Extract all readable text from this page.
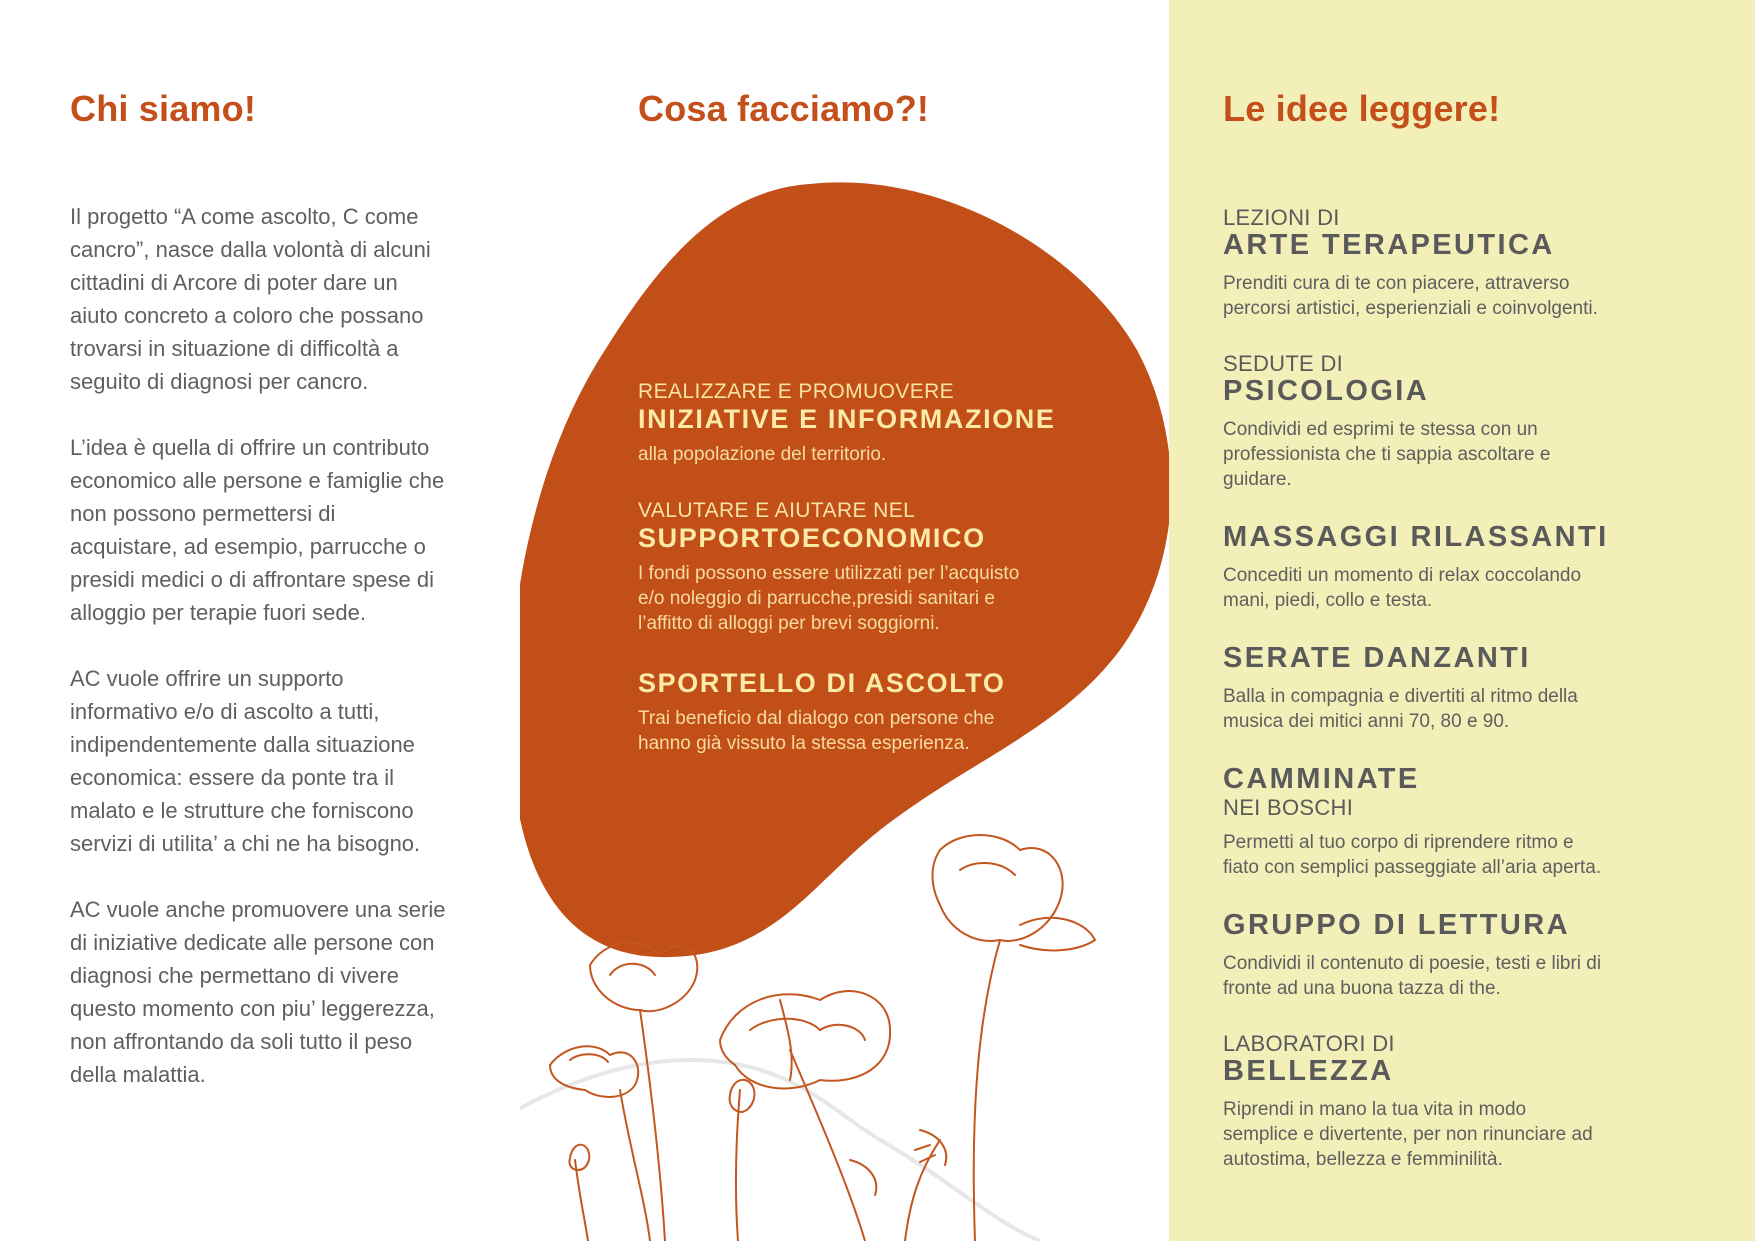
Chi siamo!

Il progetto “A come ascolto, C come
cancro”, nasce dalla volontà di alcuni
cittadini di Arcore di poter dare un
aiuto concreto a coloro che possano
trovarsi in situazione di difficoltà a
seguito di diagnosi per cancro.

L’idea è quella di offrire un contributo
economico alle persone e famiglie che
non possono permettersi di
acquistare, ad esempio, parrucche o
presidi medici o di affrontare spese di
alloggio per terapie fuori sede.

AC vuole offrire un supporto
informativo e/o di ascolto a tutti,
indipendentemente dalla situazione
economica: essere da ponte tra il
malato e le strutture che forniscono
servizi di utilita’ a chi ne ha bisogno.

AC vuole anche promuovere una serie
di iniziative dedicate alle persone con
diagnosi che permettano di vivere
questo momento con piu’ leggerezza,
non affrontando da soli tutto il peso
della malattia.

Cosa facciamo?!
REALIZZARE E PROMUOVERE
INIZIATIVE E INFORMAZIONE
alla popolazione del territorio.
VALUTARE E AIUTARE NEL
SUPPORTOECONOMICO
I fondi possono essere utilizzati per l’acquisto
e/o noleggio di parrucche,presidi sanitari e
l’affitto di alloggi per brevi soggiorni.
SPORTELLO DI ASCOLTO
Trai beneficio dal dialogo con persone che
hanno già vissuto la stessa esperienza.
Le idee leggere!
LEZIONI DI
ARTE TERAPEUTICA
Prenditi cura di te con piacere, attraverso
percorsi artistici, esperienziali e coinvolgenti.
SEDUTE DI
PSICOLOGIA
Condividi ed esprimi te stessa con un
professionista che ti sappia ascoltare e
guidare.
MASSAGGI RILASSANTI
Concediti un momento di relax coccolando
mani, piedi, collo e testa.
SERATE DANZANTI
Balla in compagnia e divertiti al ritmo della
musica dei mitici anni 70, 80 e 90.
CAMMINATE
NEI BOSCHI
Permetti al tuo corpo di riprendere ritmo e
fiato con semplici passeggiate all’aria aperta.
GRUPPO DI LETTURA
Condividi il contenuto di poesie, testi e libri di
fronte ad una buona tazza di the.
LABORATORI DI
BELLEZZA
Riprendi in mano la tua vita in modo
semplice e divertente, per non rinunciare ad
autostima, bellezza e femminilità.
